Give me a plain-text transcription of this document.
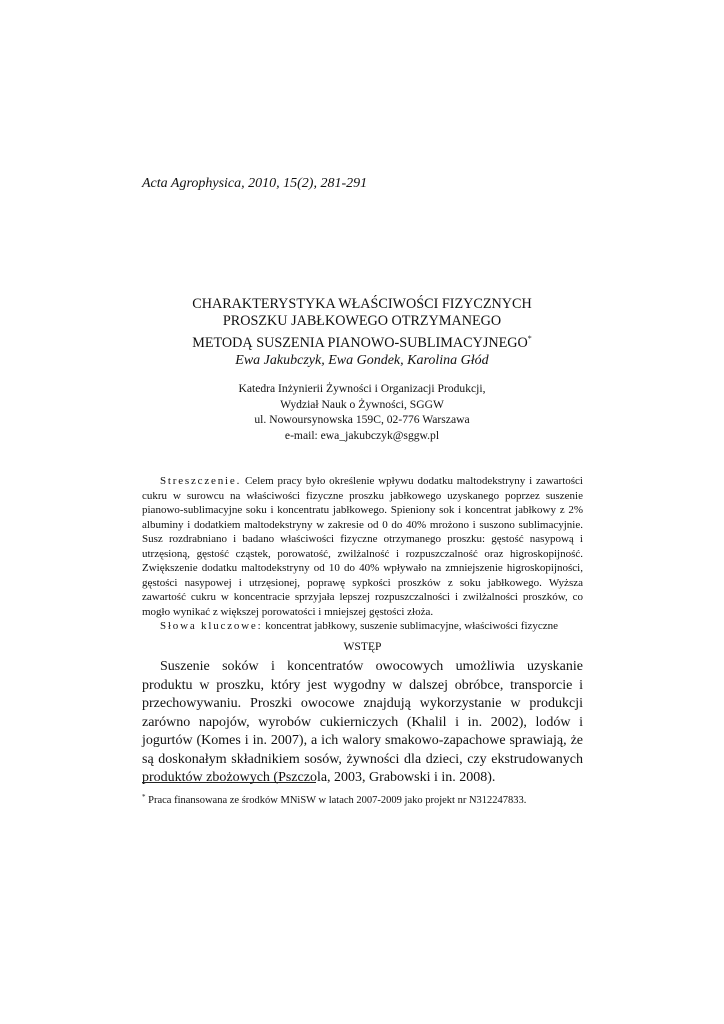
Acta Agrophysica, 2010, 15(2), 281-291
CHARAKTERYSTYKA WŁAŚCIWOŚCI FIZYCZNYCH
PROSZKU JABŁKOWEGO OTRZYMANEGO
METODĄ SUSZENIA PIANOWO-SUBLIMACYJNEGO*
Ewa Jakubczyk, Ewa Gondek, Karolina Głód
Katedra Inżynierii Żywności i Organizacji Produkcji,
Wydział Nauk o Żywności, SGGW
ul. Nowoursynowska 159C, 02-776 Warszawa
e-mail: ewa_jakubczyk@sggw.pl

Streszczenie. Celem pracy było określenie wpływu dodatku maltodekstryny i zawartości cukru w surowcu na właściwości fizyczne proszku jabłkowego uzyskanego poprzez suszenie pianowo-sublimacyjne soku i koncentratu jabłkowego. Spieniony sok i koncentrat jabłkowy z 2% albuminy i dodatkiem maltodekstryny w zakresie od 0 do 40% mrożono i suszono sublimacyjnie. Susz rozdrabniano i badano właściwości fizyczne otrzymanego proszku: gęstość nasypową i utrzęsioną, gęstość cząstek, porowatość, zwilżalność i rozpuszczalność oraz higroskopijność. Zwiększenie dodatku maltodekstryny od 10 do 40% wpływało na zmniejszenie higroskopijności, gęstości nasypowej i utrzęsionej, poprawę sypkości proszków z soku jabłkowego. Wyższa zawartość cukru w koncentracie sprzyjała lepszej rozpuszczalności i zwilżalności proszków, co mogło wynikać z większej porowatości i mniejszej gęstości złoża.

Słowa kluczowe: koncentrat jabłkowy, suszenie sublimacyjne, właściwości fizyczne

WSTĘP

Suszenie soków i koncentratów owocowych umożliwia uzyskanie produktu w proszku, który jest wygodny w dalszej obróbce, transporcie i przechowywaniu. Proszki owocowe znajdują wykorzystanie w produkcji zarówno napojów, wyrobów cukierniczych (Khalil i in. 2002), lodów i jogurtów (Komes i in. 2007), a ich walory smakowo-zapachowe sprawiają, że są doskonałym składnikiem sosów, żywności dla dzieci, czy ekstrudowanych produktów zbożowych (Pszczola, 2003, Grabowski i in. 2008).

* Praca finansowana ze środków MNiSW w latach 2007-2009 jako projekt nr N312247833.
